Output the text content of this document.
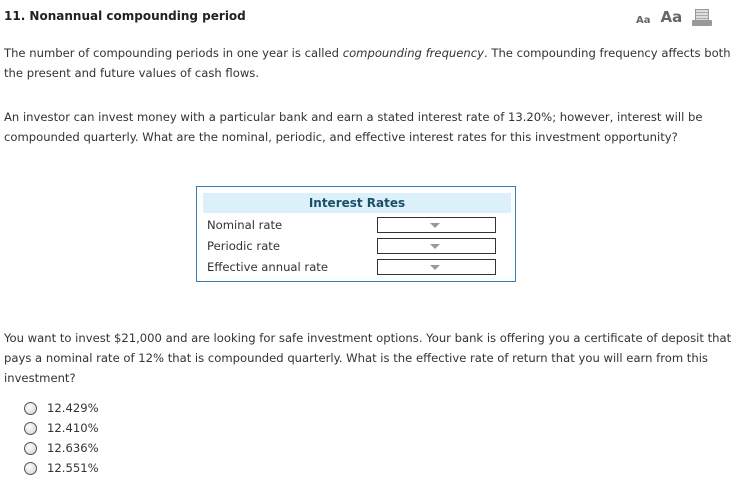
11. Nonannual compounding period	Aa Aa

The number of compounding periods in one year is called compounding frequency. The compounding frequency affects both the present and future values of cash flows.

An investor can invest money with a particular bank and earn a stated interest rate of 13.20%; however, interest will be compounded quarterly. What are the nominal, periodic, and effective interest rates for this investment opportunity?

Interest Rates
Nominal rate
Periodic rate
Effective annual rate

You want to invest $21,000 and are looking for safe investment options. Your bank is offering you a certificate of deposit that pays a nominal rate of 12% that is compounded quarterly. What is the effective rate of return that you will earn from this investment?

12.429%
12.410%
12.636%
12.551%
